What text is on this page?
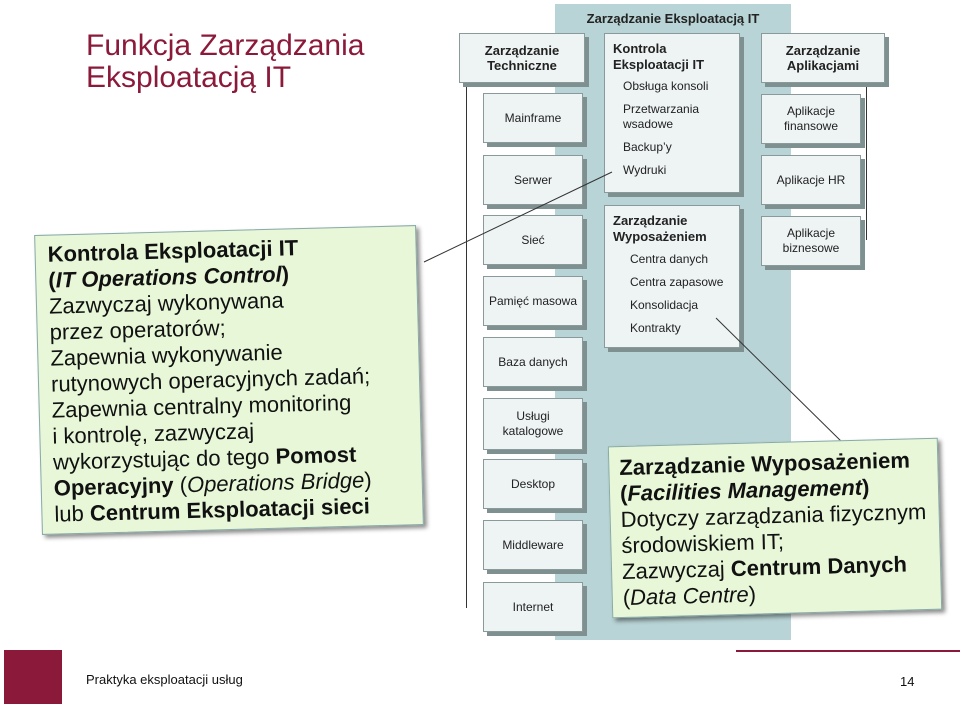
Funkcja Zarządzania
Eksploatacją IT
Zarządzanie Eksploatacją IT
Zarządzanie
Techniczne
Mainframe
Serwer
Sieć
Pamięć masowa
Baza danych
Usługi katalogowe
Desktop
Middleware
Internet
Kontrola
Eksploatacji IT
Obsługa konsoli
Przetwarzania wsadowe
Backup’y
Wydruki
Zarządzanie
Wyposażeniem
Centra danych
Centra zapasowe
Konsolidacja
Kontrakty
Zarządzanie
Aplikacjami
Aplikacje finansowe
Aplikacje HR
Aplikacje biznesowe
Kontrola Eksploatacji IT
(IT Operations Control)
Zazwyczaj wykonywana
przez operatorów;
Zapewnia wykonywanie
rutynowych operacyjnych zadań;
Zapewnia centralny monitoring
i kontrolę, zazwyczaj
wykorzystując do tego Pomost
Operacyjny (Operations Bridge)
lub Centrum Eksploatacji sieci
Zarządzanie Wyposażeniem
(Facilities Management)
Dotyczy zarządzania fizycznym
środowiskiem IT;
Zazwyczaj Centrum Danych
(Data Centre)
Praktyka eksploatacji usług	14
